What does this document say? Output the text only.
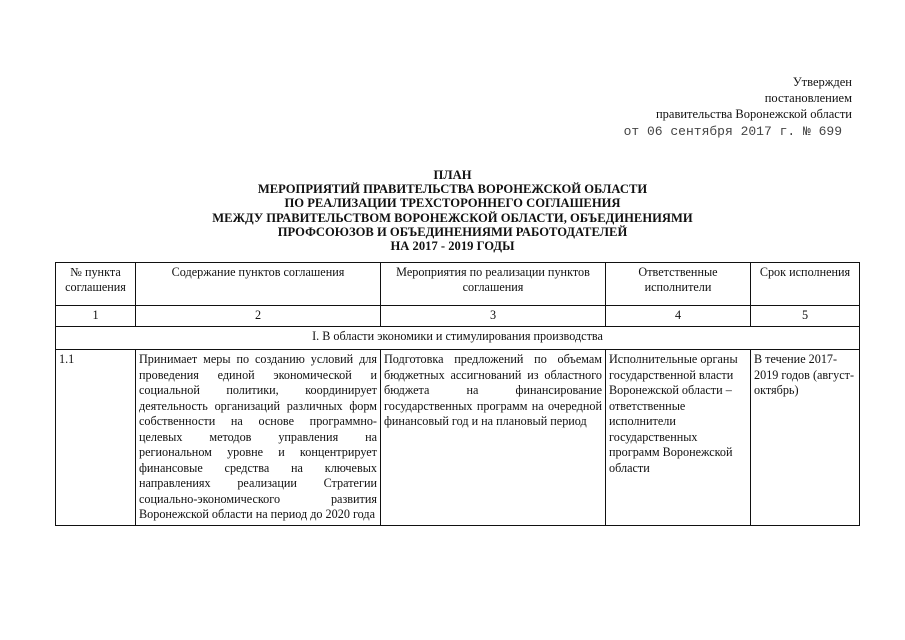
Утвержден
постановлением
правительства Воронежской области
от 06 сентября 2017 г. № 699
ПЛАН
МЕРОПРИЯТИЙ ПРАВИТЕЛЬСТВА ВОРОНЕЖСКОЙ ОБЛАСТИ
ПО РЕАЛИЗАЦИИ ТРЕХСТОРОННЕГО СОГЛАШЕНИЯ
МЕЖДУ ПРАВИТЕЛЬСТВОМ ВОРОНЕЖСКОЙ ОБЛАСТИ, ОБЪЕДИНЕНИЯМИ
ПРОФСОЮЗОВ И ОБЪЕДИНЕНИЯМИ РАБОТОДАТЕЛЕЙ
НА 2017 - 2019 ГОДЫ
№ пункта соглашения	Содержание пунктов соглашения	Мероприятия по реализации пунктов соглашения	Ответственные исполнители	Срок исполнения
1	2	3	4	5
I. В области экономики и стимулирования производства				
1.1	Принимает меры по созданию условий для проведения единой экономической и социальной политики, координирует деятельность организаций различных форм собственности на основе программно-целевых методов управления на региональном уровне и концентрирует финансовые средства на ключевых направлениях реализации Стратегии социально-экономического развития Воронежской области на период до 2020 года	Подготовка предложений по объемам бюджетных ассигнований из областного бюджета на финансирование государственных программ на очередной финансовый год и на плановый период	Исполнительные органы государственной власти Воронежской области – ответственные исполнители государственных программ Воронежской области	В течение 2017-2019 годов (август-октябрь)
